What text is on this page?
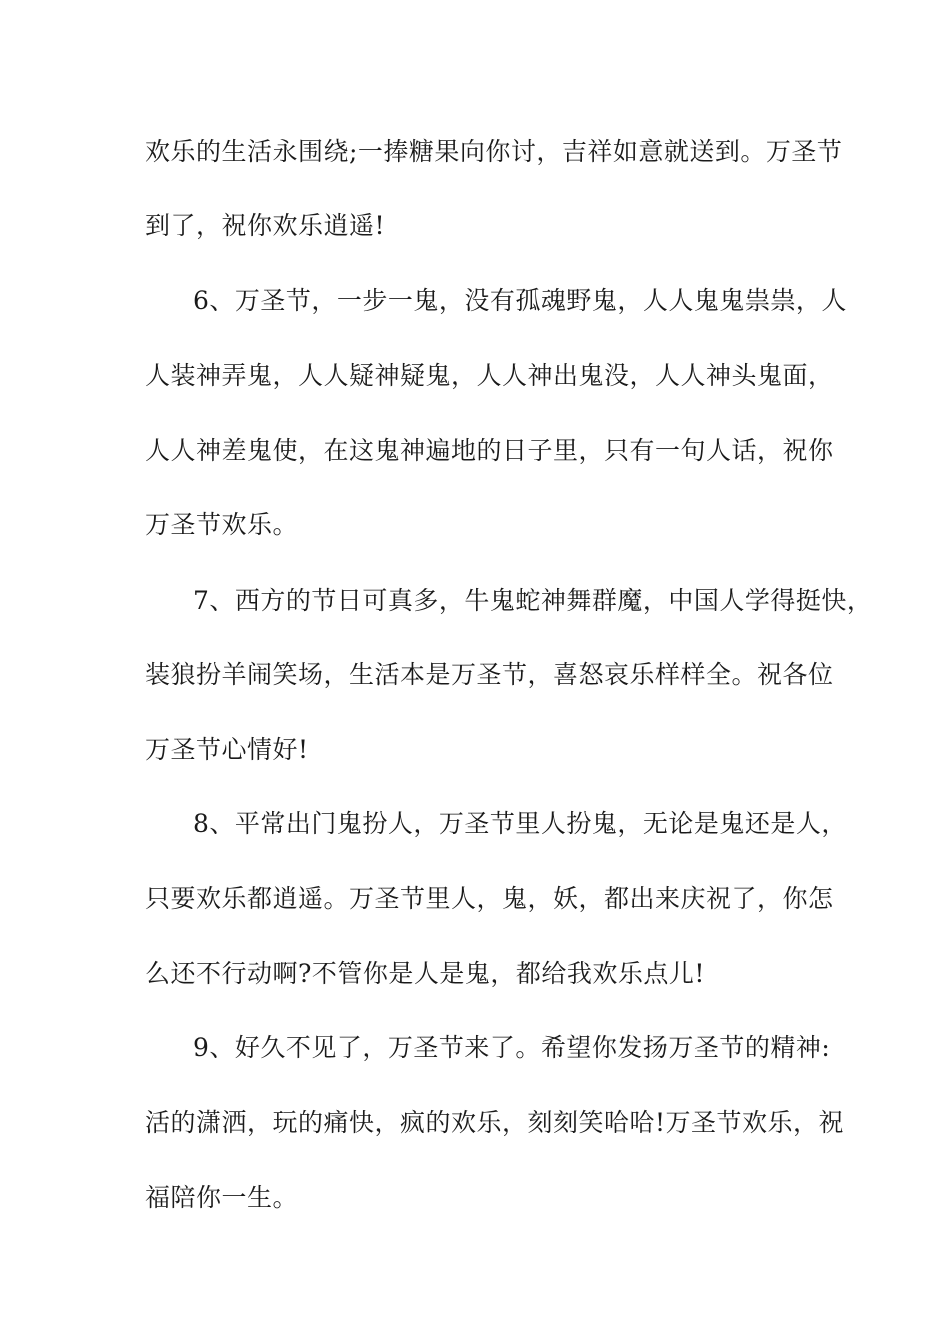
欢乐的生活永围绕;一捧糖果向你讨，吉祥如意就送到。万圣节
到了，祝你欢乐逍遥!
6、万圣节，一步一鬼，没有孤魂野鬼，人人鬼鬼祟祟，人
人装神弄鬼，人人疑神疑鬼，人人神出鬼没，人人神头鬼面，
人人神差鬼使，在这鬼神遍地的日子里，只有一句人话，祝你
万圣节欢乐。
7、西方的节日可真多，牛鬼蛇神舞群魔，中国人学得挺快，
装狼扮羊闹笑场，生活本是万圣节，喜怒哀乐样样全。祝各位
万圣节心情好!
8、平常出门鬼扮人，万圣节里人扮鬼，无论是鬼还是人，
只要欢乐都逍遥。万圣节里人，鬼，妖，都出来庆祝了，你怎
么还不行动啊?不管你是人是鬼，都给我欢乐点儿!
9、好久不见了，万圣节来了。希望你发扬万圣节的精神:
活的潇洒，玩的痛快，疯的欢乐，刻刻笑哈哈!万圣节欢乐，祝
福陪你一生。
